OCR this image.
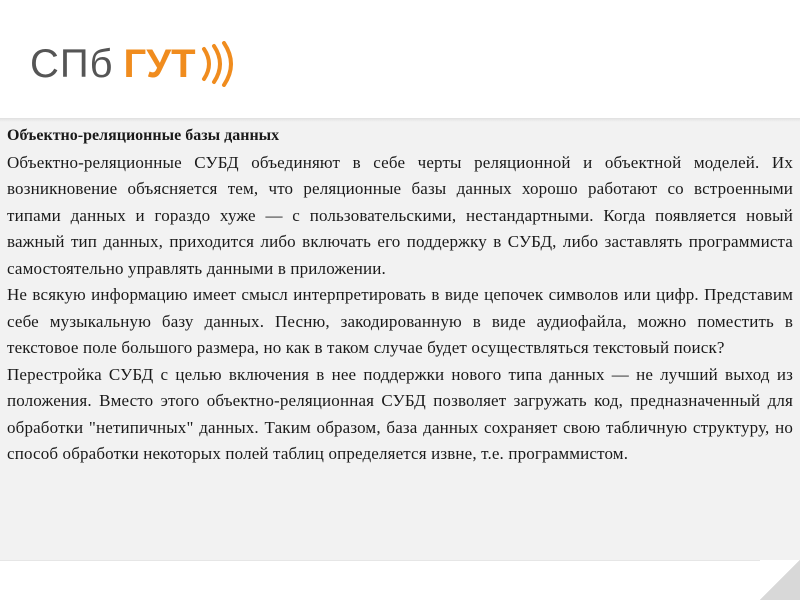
СПб ГУТ

Объектно-реляционные базы данных

Объектно-реляционные СУБД объединяют в себе черты реляционной и объектной моделей. Их возникновение объясняется тем, что реляционные базы данных хорошо работают со встроенными типами данных и гораздо хуже — с пользовательскими, нестандартными. Когда появляется новый важный тип данных, приходится либо включать его поддержку в СУБД, либо заставлять программиста самостоятельно управлять данными в приложении.

Не всякую информацию имеет смысл интерпретировать в виде цепочек символов или цифр. Представим себе музыкальную базу данных. Песню, закодированную в виде аудиофайла, можно поместить в текстовое поле большого размера, но как в таком случае будет осуществляться текстовый поиск?

Перестройка СУБД с целью включения в нее поддержки нового типа данных — не лучший выход из положения. Вместо этого объектно-реляционная СУБД позволяет загружать код, предназначенный для обработки "нетипичных" данных. Таким образом, база данных сохраняет свою табличную структуру, но способ обработки некоторых полей таблиц определяется извне, т.е. программистом.
